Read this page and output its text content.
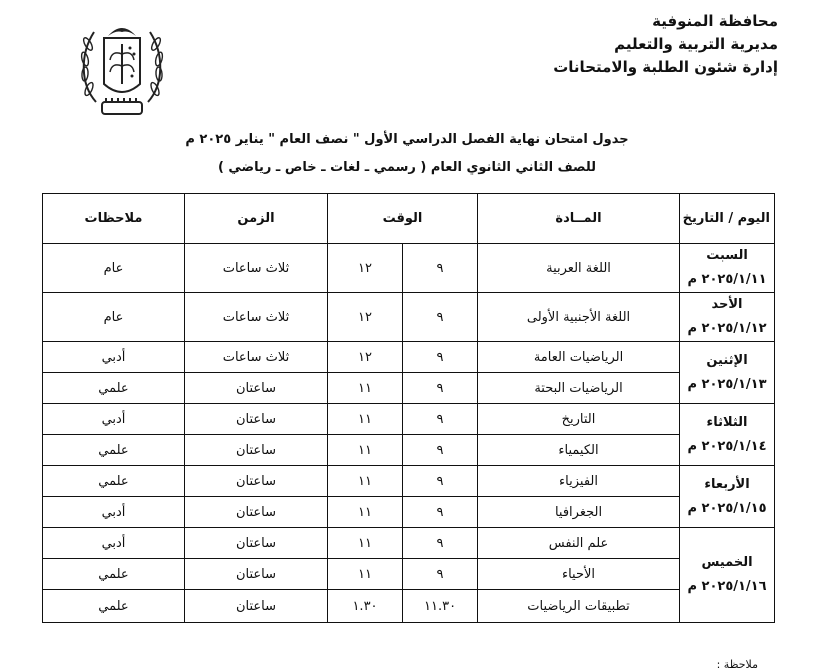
محافظة المنوفية
مديرية التربية والتعليم
إدارة شئون الطلبة والامتحانات
جدول امتحان نهاية الفصل الدراسي الأول " نصف العام " يناير ٢٠٢٥ م
للصف الثاني الثانوي العام ( رسمي ـ لغات ـ خاص ـ رياضي )
اليوم / التاريخ	المــادة	الوقت		الزمن	ملاحظات

السبت
٢٠٢٥/١/١١ م	اللغة العربية	٩	١٢	ثلاث ساعات	عام

الأحد
٢٠٢٥/١/١٢ م	اللغة الأجنبية الأولى	٩	١٢	ثلاث ساعات	عام

الإثنين
٢٠٢٥/١/١٣ م	الرياضيات العامة	٩	١٢	ثلاث ساعات	أدبي
	الرياضيات البحتة	٩	١١	ساعتان	علمي

الثلاثاء
٢٠٢٥/١/١٤ م	التاريخ	٩	١١	ساعتان	أدبي
	الكيمياء	٩	١١	ساعتان	علمي

الأربعاء
٢٠٢٥/١/١٥ م	الفيزياء	٩	١١	ساعتان	علمي
	الجغرافيا	٩	١١	ساعتان	أدبي

الخميس
٢٠٢٥/١/١٦ م	علم النفس	٩	١١	ساعتان	أدبي
	الأحياء	٩	١١	ساعتان	علمي
	تطبيقات الرياضيات	١١.٣٠	١.٣٠	ساعتان	علمي
ملاحظة :
